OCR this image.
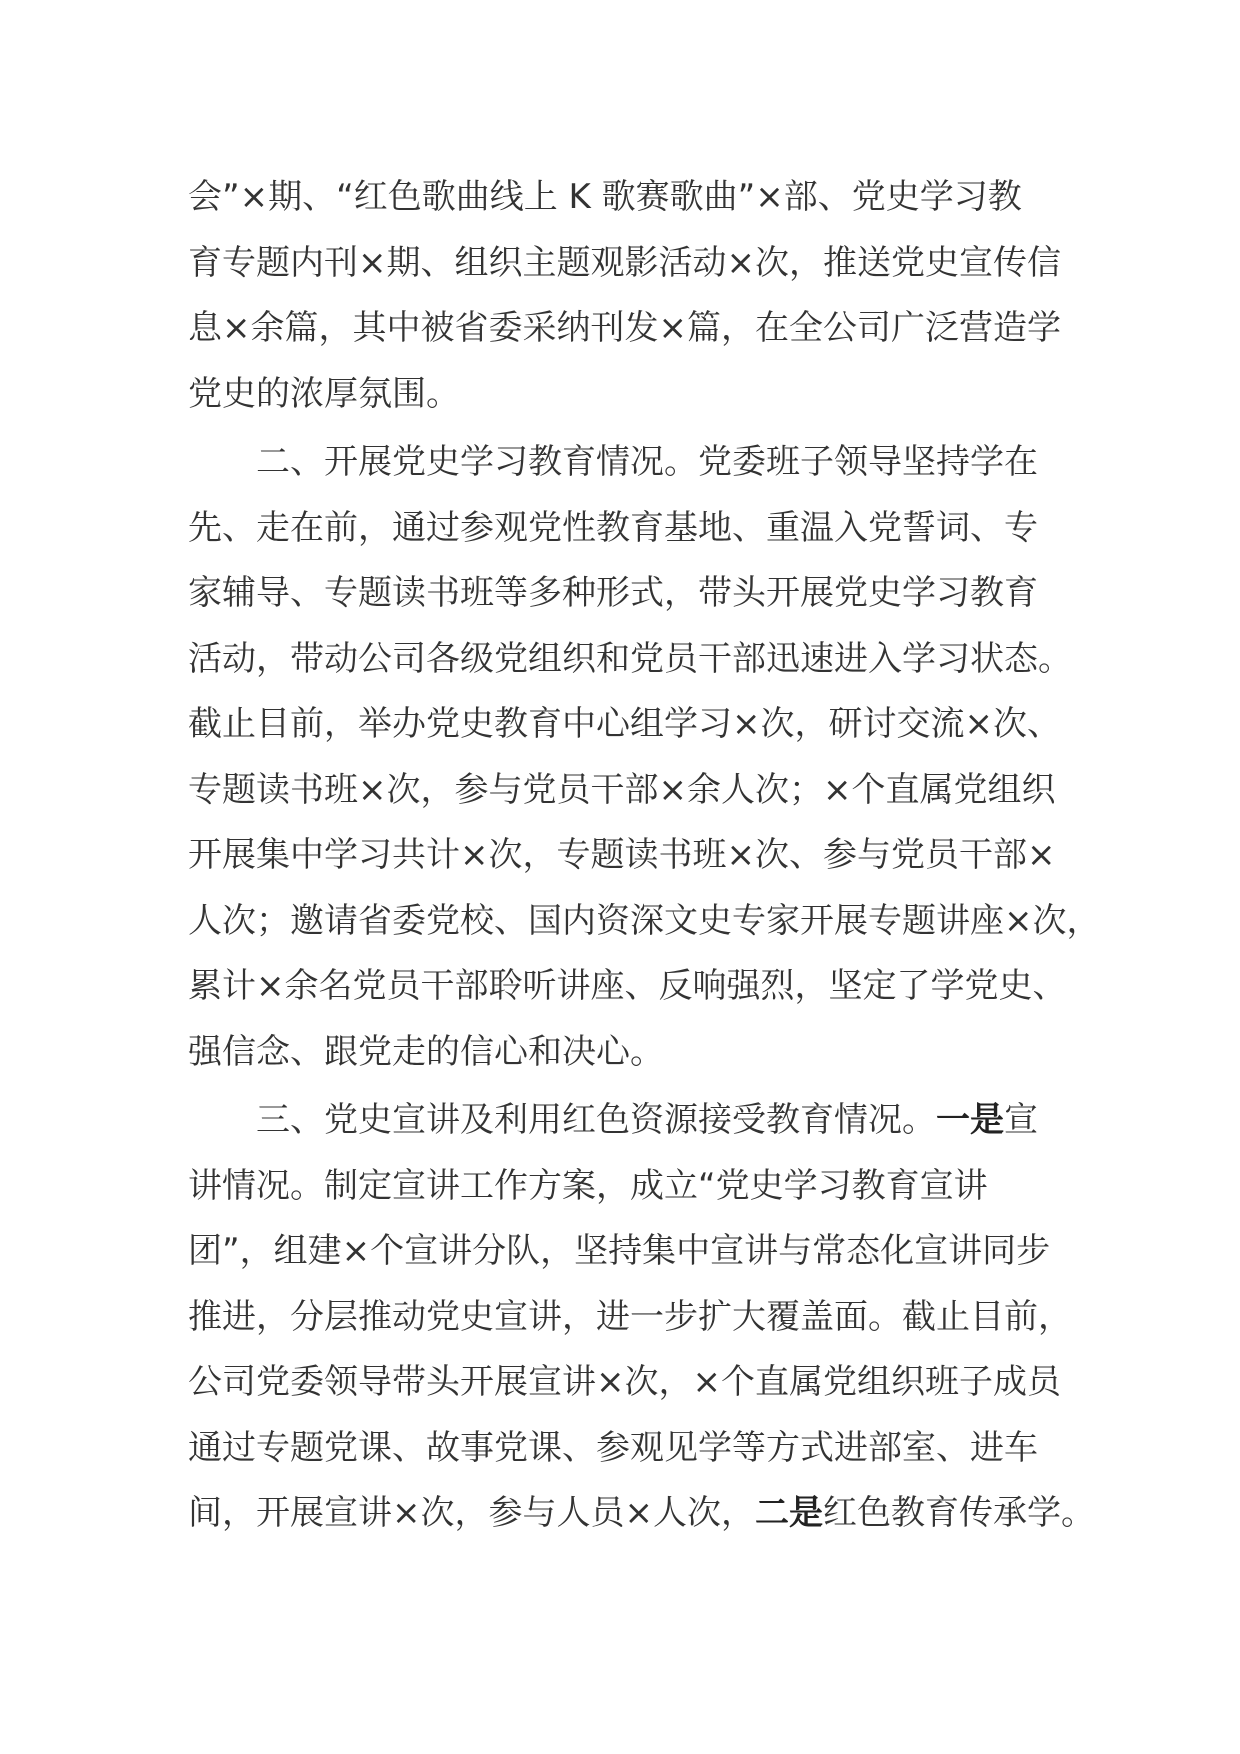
会”×期、“红色歌曲线上 K 歌赛歌曲”×部、党史学习教
育专题内刊×期、组织主题观影活动×次，推送党史宣传信
息×余篇，其中被省委采纳刊发×篇，在全公司广泛营造学
党史的浓厚氛围。
二、开展党史学习教育情况。党委班子领导坚持学在
先、走在前，通过参观党性教育基地、重温入党誓词、专
家辅导、专题读书班等多种形式，带头开展党史学习教育
活动，带动公司各级党组织和党员干部迅速进入学习状态。
截止目前，举办党史教育中心组学习×次，研讨交流×次、
专题读书班×次，参与党员干部×余人次；×个直属党组织
开展集中学习共计×次，专题读书班×次、参与党员干部×
人次；邀请省委党校、国内资深文史专家开展专题讲座×次，
累计×余名党员干部聆听讲座、反响强烈，坚定了学党史、
强信念、跟党走的信心和决心。
三、党史宣讲及利用红色资源接受教育情况。一是宣
讲情况。制定宣讲工作方案，成立“党史学习教育宣讲
团”，组建×个宣讲分队，坚持集中宣讲与常态化宣讲同步
推进，分层推动党史宣讲，进一步扩大覆盖面。截止目前，
公司党委领导带头开展宣讲×次，×个直属党组织班子成员
通过专题党课、故事党课、参观见学等方式进部室、进车
间，开展宣讲×次，参与人员×人次，二是红色教育传承学。
